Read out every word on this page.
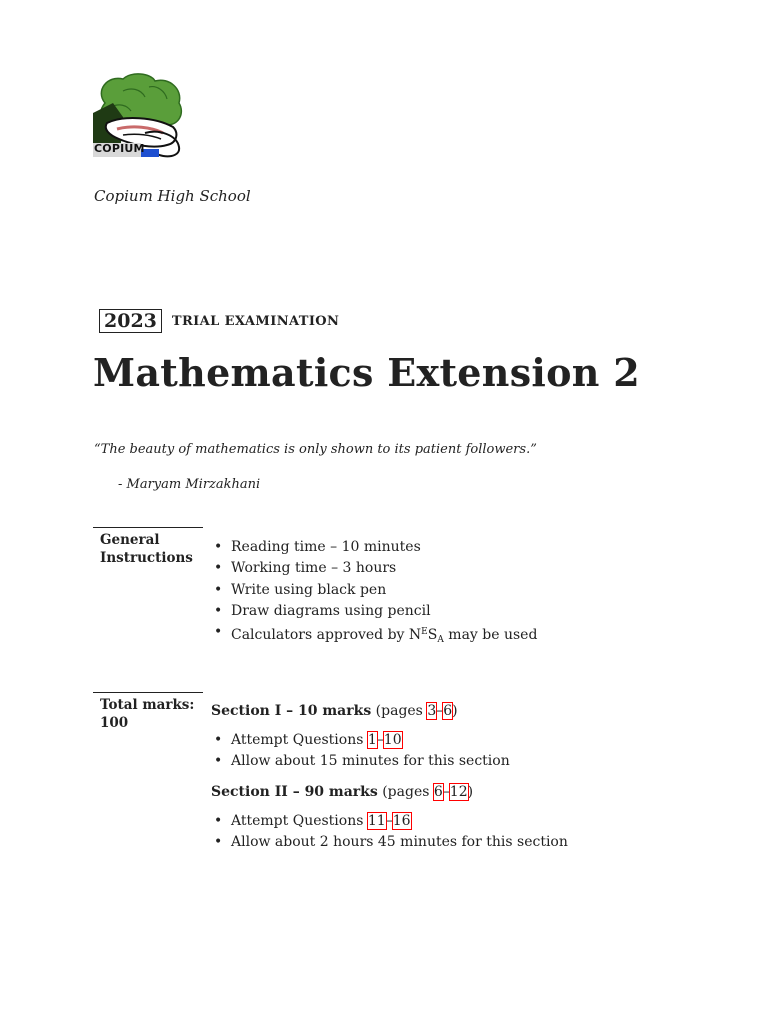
COPIUM
Copium High School
2023	TRIAL EXAMINATION
Mathematics Extension 2
“The beauty of mathematics is only shown to its patient followers.”
- Maryam Mirzakhani
General
Instructions
• Reading time – 10 minutes
• Working time – 3 hours
• Write using black pen
• Draw diagrams using pencil
• Calculators approved by $N^ES_A$ may be used
Total marks:
100
Section I – 10 marks (pages 3–6)
• Attempt Questions 1–10
• Allow about 15 minutes for this section
Section II – 90 marks (pages 6–12)
• Attempt Questions 11–16
• Allow about 2 hours 45 minutes for this section
